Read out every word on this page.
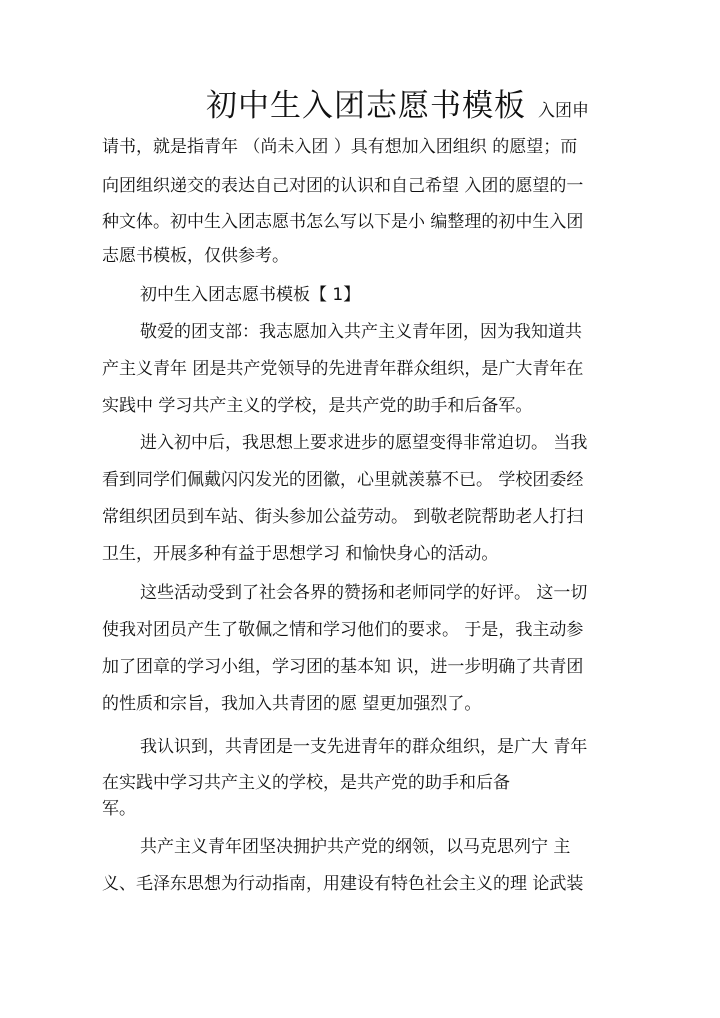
初中生入团志愿书模板 入团申
请书，就是指青年 （尚未入团 ）具有想加入团组织 的愿望；而
向团组织递交的表达自己对团的认识和自己希望 入团的愿望的一
种文体。初中生入团志愿书怎么写以下是小 编整理的初中生入团
志愿书模板，仅供参考。
初中生入团志愿书模板【 1】
敬爱的团支部：我志愿加入共产主义青年团，因为我知道共
产主义青年 团是共产党领导的先进青年群众组织，是广大青年在
实践中 学习共产主义的学校，是共产党的助手和后备军。
进入初中后，我思想上要求进步的愿望变得非常迫切。 当我
看到同学们佩戴闪闪发光的团徽，心里就羡慕不已。 学校团委经
常组织团员到车站、街头参加公益劳动。 到敬老院帮助老人打扫
卫生，开展多种有益于思想学习 和愉快身心的活动。
这些活动受到了社会各界的赞扬和老师同学的好评。 这一切
使我对团员产生了敬佩之情和学习他们的要求。 于是，我主动参
加了团章的学习小组，学习团的基本知 识，进一步明确了共青团
的性质和宗旨，我加入共青团的愿 望更加强烈了。
我认识到，共青团是一支先进青年的群众组织，是广大 青年
在实践中学习共产主义的学校，是共产党的助手和后备
军。
共产主义青年团坚决拥护共产党的纲领，以马克思列宁 主
义、毛泽东思想为行动指南，用建设有特色社会主义的理 论武装
